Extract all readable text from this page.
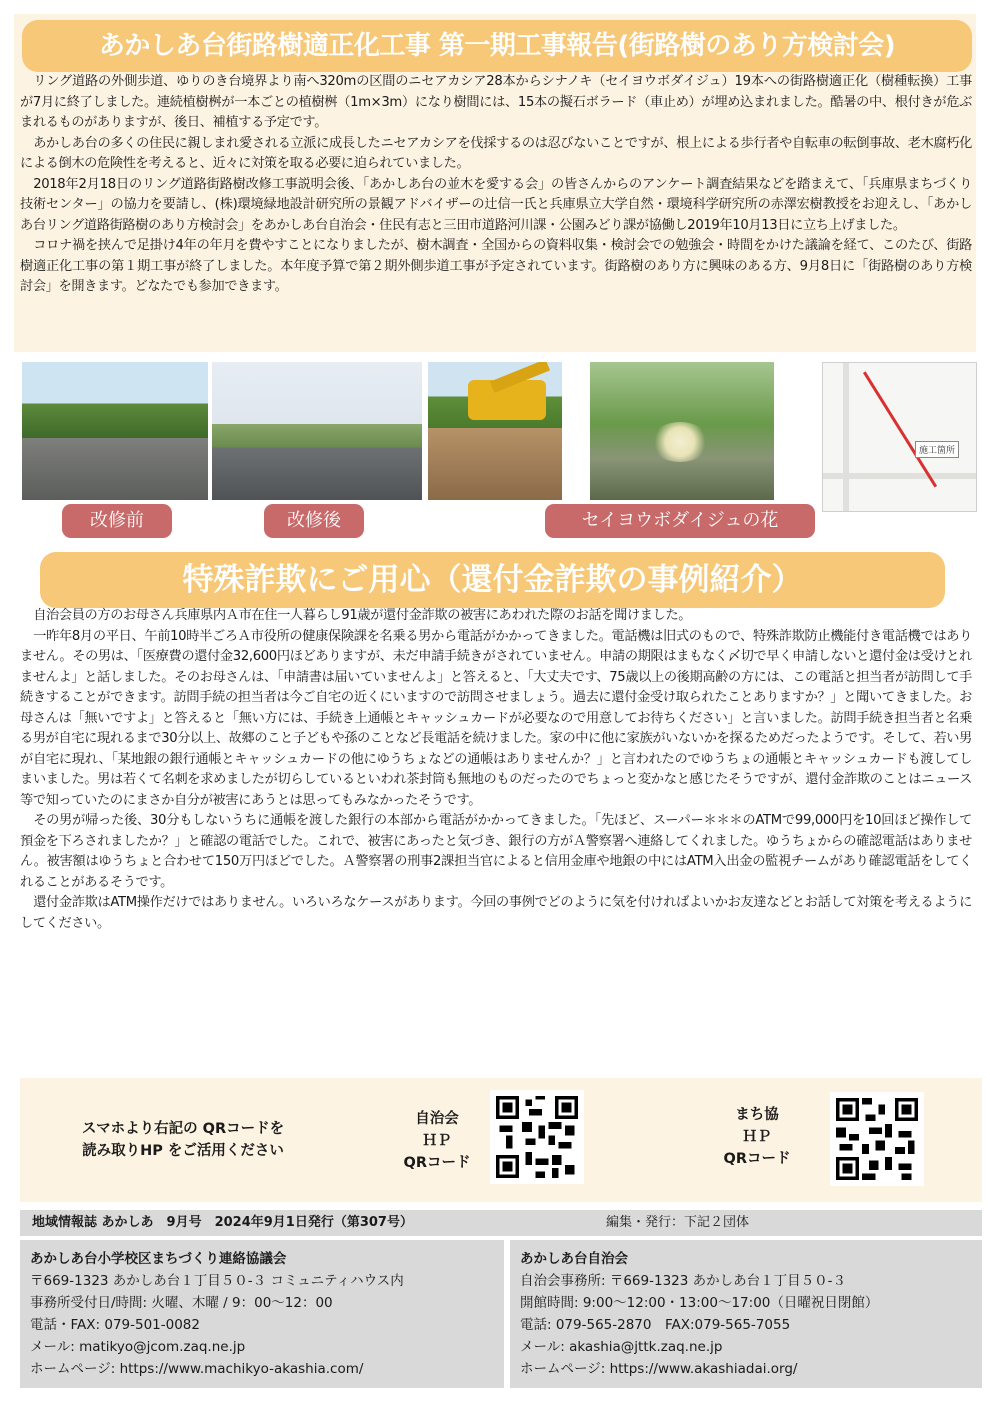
あかしあ台街路樹適正化工事 第一期工事報告(街路樹のあり方検討会)

リング道路の外側歩道、ゆりのき台境界より南へ320mの区間のニセアカシア28本からシナノキ（セイヨウボダイジュ）19本への街路樹適正化（樹種転換）工事が7月に終了しました。連続植樹桝が一本ごとの植樹桝（1m×3m）になり樹間には、15本の擬石ボラード（車止め）が埋め込まれました。酷暑の中、根付きが危ぶまれるものがありますが、後日、補植する予定です。

あかしあ台の多くの住民に親しまれ愛される立派に成長したニセアカシアを伐採するのは忍びないことですが、根上による歩行者や自転車の転倒事故、老木腐朽化による倒木の危険性を考えると、近々に対策を取る必要に迫られていました。

2018年2月18日のリング道路街路樹改修工事説明会後、「あかしあ台の並木を愛する会」の皆さんからのアンケート調査結果などを踏まえて、「兵庫県まちづくり技術センター」の協力を要請し、(株)環境緑地設計研究所の景観アドバイザーの辻信一氏と兵庫県立大学自然・環境科学研究所の赤澤宏樹教授をお迎えし、「あかしあ台リング道路街路樹のあり方検討会」をあかしあ台自治会・住民有志と三田市道路河川課・公園みどり課が協働し2019年10月13日に立ち上げました。

コロナ禍を挟んで足掛け4年の年月を費やすことになりましたが、樹木調査・全国からの資料収集・検討会での勉強会・時間をかけた議論を経て、このたび、街路樹適正化工事の第１期工事が終了しました。本年度予算で第２期外側歩道工事が予定されています。街路樹のあり方に興味のある方、9月8日に「街路樹のあり方検討会」を開きます。どなたでも参加できます。

施工箇所
改修前	改修後	セイヨウボダイジュの花
特殊詐欺にご用心（還付金詐欺の事例紹介）

自治会員の方のお母さん兵庫県内Ａ市在住一人暮らし91歳が還付金詐欺の被害にあわれた際のお話を聞けました。

一昨年8月の平日、午前10時半ごろＡ市役所の健康保険課を名乗る男から電話がかかってきました。電話機は旧式のもので、特殊詐欺防止機能付き電話機ではありません。その男は、「医療費の還付金32,600円ほどありますが、未だ申請手続きがされていません。申請の期限はまもなく〆切で早く申請しないと還付金は受けとれませんよ」と話しました。そのお母さんは、「申請書は届いていませんよ」と答えると、「大丈夫です、75歳以上の後期高齢の方には、この電話と担当者が訪問して手続きすることができます。訪問手続の担当者は今ご自宅の近くにいますので訪問させましょう。過去に還付金受け取られたことありますか？」と聞いてきました。お母さんは「無いですよ」と答えると「無い方には、手続き上通帳とキャッシュカードが必要なので用意してお待ちください」と言いました。訪問手続き担当者と名乗る男が自宅に現れるまで30分以上、故郷のこと子どもや孫のことなど長電話を続けました。家の中に他に家族がいないかを探るためだったようです。そして、若い男が自宅に現れ、「某地銀の銀行通帳とキャッシュカードの他にゆうちょなどの通帳はありませんか？」と言われたのでゆうちょの通帳とキャッシュカードも渡してしまいました。男は若くて名刺を求めましたが切らしているといわれ茶封筒も無地のものだったのでちょっと変かなと感じたそうですが、還付金詐欺のことはニュース等で知っていたのにまさか自分が被害にあうとは思ってもみなかったそうです。

その男が帰った後、30分もしないうちに通帳を渡した銀行の本部から電話がかかってきました。「先ほど、スーパー＊＊＊のATMで99,000円を10回ほど操作して預金を下ろされましたか？」と確認の電話でした。これで、被害にあったと気づき、銀行の方がＡ警察署へ連絡してくれました。ゆうちょからの確認電話はありません。被害額はゆうちょと合わせて150万円ほどでした。Ａ警察署の刑事2課担当官によると信用金庫や地銀の中にはATM入出金の監視チームがあり確認電話をしてくれることがあるそうです。

還付金詐欺はATM操作だけではありません。いろいろなケースがあります。今回の事例でどのように気を付ければよいかお友達などとお話して対策を考えるようにしてください。

スマホより右記の QRコードを
読み取りHP をご活用ください
自治会
ＨＰ
QRコード
まち協
ＨＰ
QRコード
地域情報誌 あかしあ　9月号　2024年9月1日発行（第307号）	編集・発行：下記２団体
あかしあ台小学校区まちづくり連絡協議会
〒669-1323 あかしあ台１丁目５０-３ コミュニティハウス内
事務所受付日/時間: 火曜、木曜 / 9：00～12：00
電話・FAX: 079-501-0082
メール: matikyo@jcom.zaq.ne.jp
ホームページ: https://www.machikyo-akashia.com/
あかしあ台自治会
自治会事務所: 〒669-1323 あかしあ台１丁目５０-３
開館時間: 9:00～12:00・13:00～17:00（日曜祝日閉館）
電話: 079-565-2870　FAX:079-565-7055
メール: akashia@jttk.zaq.ne.jp
ホームページ: https://www.akashiadai.org/
